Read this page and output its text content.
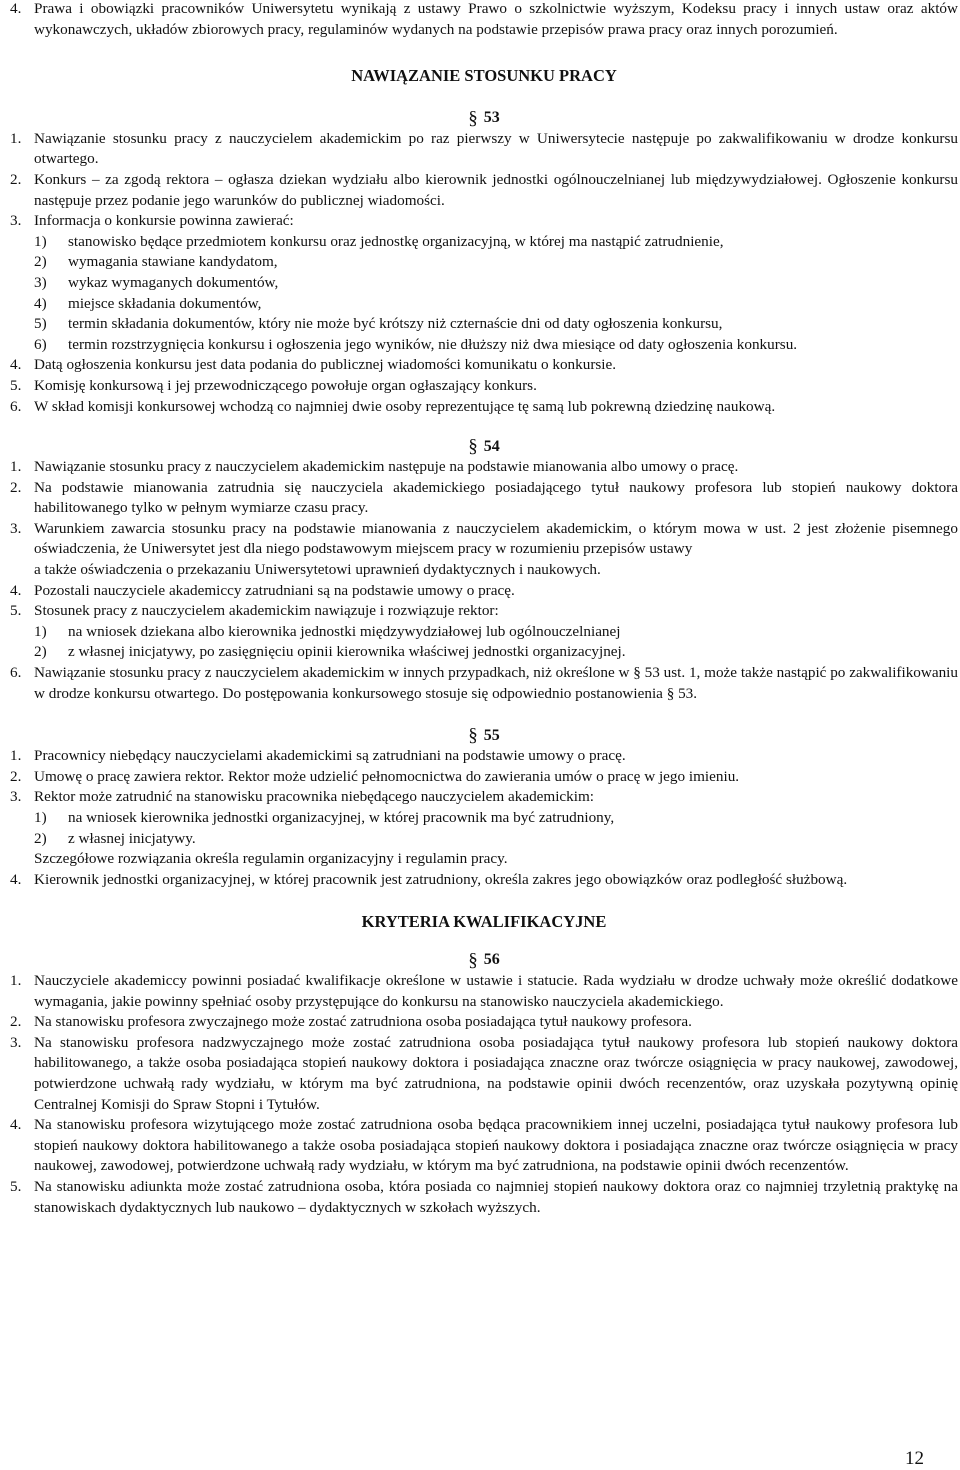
4. Prawa i obowiązki pracowników Uniwersytetu wynikają z ustawy Prawo o szkolnictwie wyższym, Kodeksu pracy i innych ustaw oraz aktów wykonawczych, układów zbiorowych pracy, regulaminów wydanych na podstawie przepisów prawa pracy oraz innych porozumień.
NAWIĄZANIE STOSUNKU PRACY
§ 53
1. Nawiązanie stosunku pracy z nauczycielem akademickim po raz pierwszy w Uniwersytecie następuje po zakwalifikowaniu w drodze konkursu otwartego.
2. Konkurs – za zgodą rektora – ogłasza dziekan wydziału albo kierownik jednostki ogólnouczelnianej lub międzywydziałowej. Ogłoszenie konkursu następuje przez podanie jego warunków do publicznej wiadomości.
3. Informacja o konkursie powinna zawierać:
1)	stanowisko będące przedmiotem konkursu oraz jednostkę organizacyjną, w której ma nastąpić zatrudnienie,
2)	wymagania stawiane kandydatom,
3)	wykaz wymaganych dokumentów,
4)	miejsce składania dokumentów,
5)	termin składania dokumentów, który nie może być krótszy niż czternaście dni od daty ogłoszenia konkursu,
6)	termin rozstrzygnięcia konkursu i ogłoszenia jego wyników, nie dłuższy niż dwa miesiące od daty ogłoszenia konkursu.
4. Datą ogłoszenia konkursu jest data podania do publicznej wiadomości komunikatu o konkursie.
5. Komisję konkursową i jej przewodniczącego powołuje organ ogłaszający konkurs.
6. W skład komisji konkursowej wchodzą co najmniej dwie osoby reprezentujące tę samą lub pokrewną dziedzinę naukową.
§ 54
1. Nawiązanie stosunku pracy z nauczycielem akademickim następuje na podstawie mianowania albo umowy o pracę.
2. Na podstawie mianowania zatrudnia się nauczyciela akademickiego posiadającego tytuł naukowy profesora lub stopień naukowy doktora habilitowanego tylko w pełnym wymiarze czasu pracy.
3. Warunkiem zawarcia stosunku pracy na podstawie mianowania z nauczycielem akademickim, o którym mowa w ust. 2 jest złożenie pisemnego oświadczenia, że Uniwersytet jest dla niego podstawowym miejscem pracy w rozumieniu przepisów ustawy
a także oświadczenia o przekazaniu Uniwersytetowi uprawnień dydaktycznych i naukowych.
4. Pozostali nauczyciele akademiccy zatrudniani są na podstawie umowy o pracę.
5. Stosunek pracy z nauczycielem akademickim nawiązuje i rozwiązuje rektor:
1)	na wniosek dziekana albo kierownika jednostki międzywydziałowej lub ogólnouczelnianej
2)	z własnej inicjatywy, po zasięgnięciu opinii kierownika właściwej jednostki organizacyjnej.
6. Nawiązanie stosunku pracy z nauczycielem akademickim w innych przypadkach, niż określone w § 53 ust. 1, może także nastąpić po zakwalifikowaniu w drodze konkursu otwartego. Do postępowania konkursowego stosuje się odpowiednio postanowienia § 53.
§ 55
1. Pracownicy niebędący nauczycielami akademickimi są zatrudniani na podstawie umowy o pracę.
2. Umowę o pracę zawiera rektor. Rektor może udzielić pełnomocnictwa do zawierania umów o pracę w jego imieniu.
3. Rektor może zatrudnić na stanowisku pracownika niebędącego nauczycielem akademickim:
1)	na wniosek kierownika jednostki organizacyjnej, w której pracownik ma być zatrudniony,
2)	z własnej inicjatywy.
Szczegółowe rozwiązania określa regulamin organizacyjny i regulamin pracy.
4. Kierownik jednostki organizacyjnej, w której pracownik jest zatrudniony, określa zakres jego obowiązków oraz podległość służbową.
KRYTERIA KWALIFIKACYJNE
§ 56
1. Nauczyciele akademiccy powinni posiadać kwalifikacje określone w ustawie i statucie. Rada wydziału w drodze uchwały może określić dodatkowe wymagania, jakie powinny spełniać osoby przystępujące do konkursu na stanowisko nauczyciela akademickiego.
2. Na stanowisku profesora zwyczajnego może zostać zatrudniona osoba posiadająca tytuł naukowy profesora.
3. Na stanowisku profesora nadzwyczajnego może zostać zatrudniona osoba posiadająca tytuł naukowy profesora lub stopień naukowy doktora habilitowanego, a także osoba posiadająca stopień naukowy doktora i posiadająca znaczne oraz twórcze osiągnięcia w pracy naukowej, zawodowej, potwierdzone uchwałą rady wydziału, w którym ma być zatrudniona, na podstawie opinii dwóch recenzentów, oraz uzyskała pozytywną opinię Centralnej Komisji do Spraw Stopni i Tytułów.
4. Na stanowisku profesora wizytującego może zostać zatrudniona osoba będąca pracownikiem innej uczelni, posiadająca tytuł naukowy profesora lub stopień naukowy doktora habilitowanego a także osoba posiadająca stopień naukowy doktora i posiadająca znaczne oraz twórcze osiągnięcia w pracy naukowej, zawodowej, potwierdzone uchwałą rady wydziału, w którym ma być zatrudniona, na podstawie opinii dwóch recenzentów.
5. Na stanowisku adiunkta może zostać zatrudniona osoba, która posiada co najmniej stopień naukowy doktora oraz co najmniej trzyletnią praktykę na stanowiskach dydaktycznych lub naukowo – dydaktycznych w szkołach wyższych.
12
